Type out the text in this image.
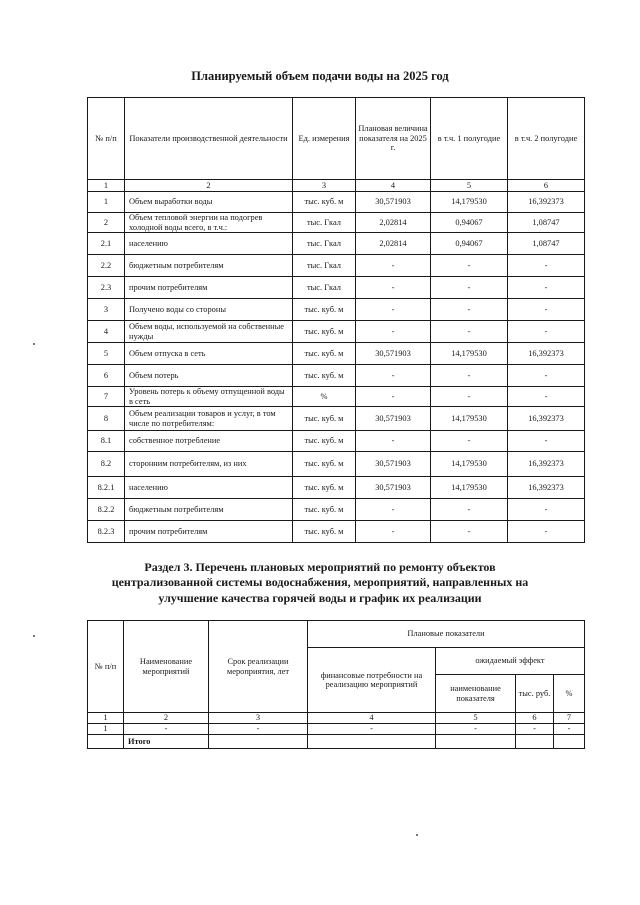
Планируемый объем подачи воды на 2025 год
№ п/п	Показатели производственной деятельности	Ед. измерения	Плановая величина показателя на 2025 г.	в т.ч. 1 полугодие	в т.ч. 2 полугодие
1	2	3	4	5	6
1	Объем выработки воды	тыс. куб. м	30,571903	14,179530	16,392373
2	Объем тепловой энергии на подогрев холодной воды всего, в т.ч.:	тыс. Гкал	2,02814	0,94067	1,08747
2.1	населению	тыс. Гкал	2,02814	0,94067	1,08747
2.2	бюджетным потребителям	тыс. Гкал	-	-	-
2.3	прочим потребителям	тыс. Гкал	-	-	-
3	Получено воды со стороны	тыс. куб. м	-	-	-
4	Объем воды, используемой на собственные нужды	тыс. куб. м	-	-	-
5	Объем отпуска в сеть	тыс. куб. м	30,571903	14,179530	16,392373
6	Объем потерь	тыс. куб. м	-	-	-
7	Уровень потерь к объему отпущенной воды в сеть	%	-	-	-
8	Объем реализации товаров и услуг, в том числе по потребителям:	тыс. куб. м	30,571903	14,179530	16,392373
8.1	собственное потребление	тыс. куб. м	-	-	-
8.2	сторонним потребителям, из них	тыс. куб. м	30,571903	14,179530	16,392373
8.2.1	населению	тыс. куб. м	30,571903	14,179530	16,392373
8.2.2	бюджетным потребителям	тыс. куб. м	-	-	-
8.2.3	прочим потребителям	тыс. куб. м	-	-	-
Раздел 3. Перечень плановых мероприятий по ремонту объектов
централизованной системы водоснабжения, мероприятий, направленных на
улучшение качества горячей воды и график их реализации
№ п/п	Наименование мероприятий	Срок реализации мероприятия, лет	Плановые показатели			
			финансовые потребности на реализацию мероприятий	ожидаемый эффект		
				наименование показателя	тыс. руб.	%
1	2	3	4	5	6	7
1	-	-	-	-	-	-
	Итого					
